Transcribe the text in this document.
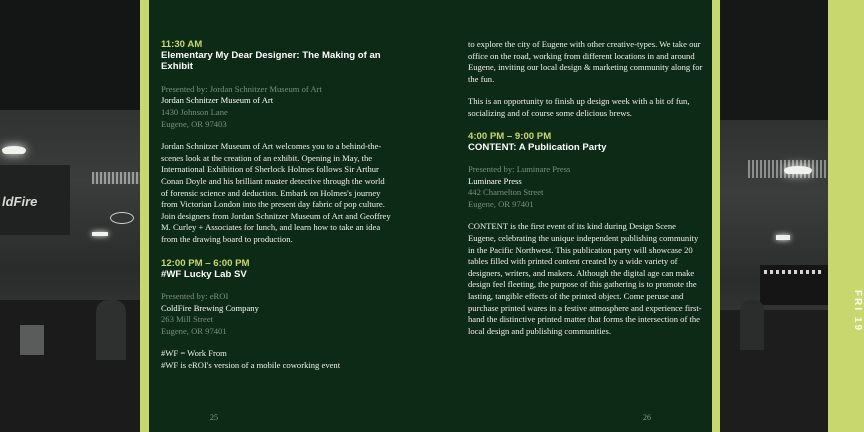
ldFire
FRI 19
11:30 AM
Elementary My Dear Designer: The Making of an Exhibit

Presented by: Jordan Schnitzer Museum of Art

Jordan Schnitzer Museum of Art

1430 Johnson Lane

Eugene, OR 97403

Jordan Schnitzer Museum of Art welcomes you to a behind-the-scenes look at the creation of an exhibit. Opening in May, the International Exhibition of Sherlock Holmes follows Sir Arthur Conan Doyle and his brilliant master detective through the world of forensic science and deduction. Embark on Holmes's journey from Victorian London into the present day fabric of pop culture. Join designers from Jordan Schnitzer Museum of Art and Geoffrey M. Curley + Associates for lunch, and learn how to take an idea from the drawing board to production.

12:00 PM – 6:00 PM
#WF Lucky Lab SV

Presented by: eROI

ColdFire Brewing Company

263 Mill Street

Eugene, OR 97401

#WF = Work From

#WF is eROI's version of a mobile coworking event

25

to explore the city of Eugene with other creative-types. We take our office on the road, working from different locations in and around Eugene, inviting our local design & marketing community along for the fun.

This is an opportunity to finish up design week with a bit of fun, socializing and of course some delicious brews.

4:00 PM – 9:00 PM
CONTENT: A Publication Party

Presented by: Luminare Press

Luminare Press

442 Charnelton Street

Eugene, OR 97401

CONTENT is the first event of its kind during Design Scene Eugene, celebrating the unique independent publishing community in the Pacific Northwest. This publication party will showcase 20 tables filled with printed content created by a wide variety of designers, writers, and makers. Although the digital age can make design feel fleeting, the purpose of this gathering is to promote the lasting, tangible effects of the printed object. Come peruse and purchase printed wares in a festive atmosphere and experience first-hand the distinctive printed matter that forms the intersection of the local design and publishing communities.

26
